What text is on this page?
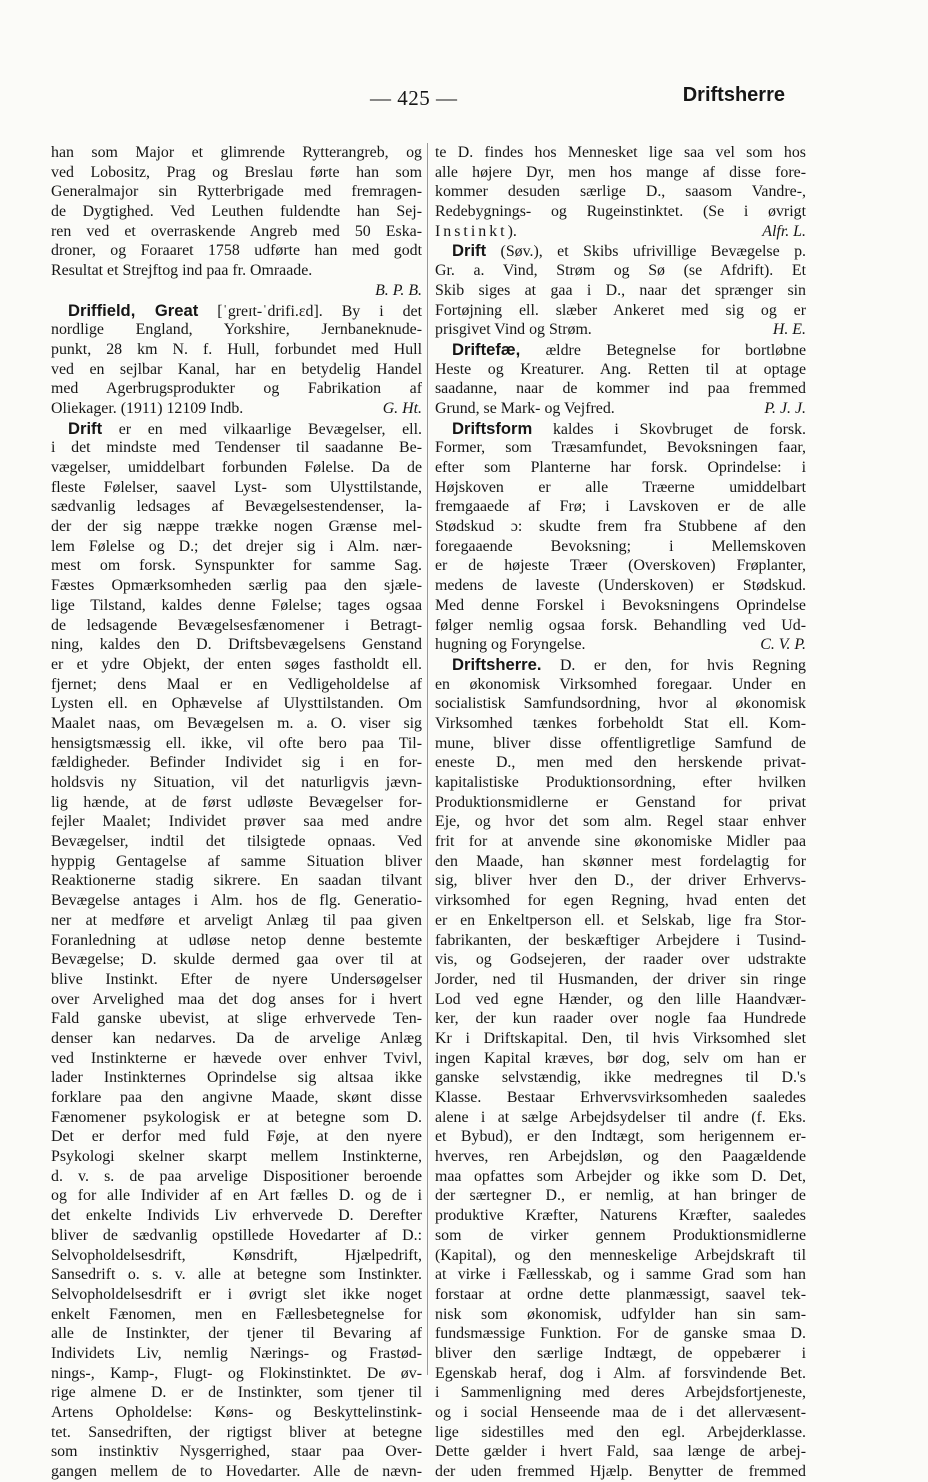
— 425 —	Driftsherre
han som Major et glimrende Rytterangreb, og
ved Lobositz, Prag og Breslau førte han som
Generalmajor sin Rytterbrigade med fremragen-
de Dygtighed. Ved Leuthen fuldendte han Sej-
ren ved et overraskende Angreb med 50 Eska-
droner, og Foraaret 1758 udførte han med godt
Resultat et Strejftog ind paa fr. Omraade.
B. P. B.
Driffield, Great [ˈgreɪt-ˈdrifi.ɛd]. By i det
nordlige England, Yorkshire, Jernbaneknude-
punkt, 28 km N. f. Hull, forbundet med Hull
ved en sejlbar Kanal, har en betydelig Handel
med Agerbrugsprodukter og Fabrikation af
G. Ht.
Oliekager. (1911) 12109 Indb.
Drift er en med vilkaarlige Bevægelser, ell.
i det mindste med Tendenser til saadanne Be-
vægelser, umiddelbart forbunden Følelse. Da de
fleste Følelser, saavel Lyst- som Ulysttilstande,
sædvanlig ledsages af Bevægelsestendenser, la-
der der sig næppe trække nogen Grænse mel-
lem Følelse og D.; det drejer sig i Alm. nær-
mest om forsk. Synspunkter for samme Sag.
Fæstes Opmærksomheden særlig paa den sjæle-
lige Tilstand, kaldes denne Følelse; tages ogsaa
de ledsagende Bevægelsesfænomener i Betragt-
ning, kaldes den D. Driftsbevægelsens Genstand
er et ydre Objekt, der enten søges fastholdt ell.
fjernet; dens Maal er en Vedligeholdelse af
Lysten ell. en Ophævelse af Ulysttilstanden. Om
Maalet naas, om Bevægelsen m. a. O. viser sig
hensigtsmæssig ell. ikke, vil ofte bero paa Til-
fældigheder. Befinder Individet sig i en for-
holdsvis ny Situation, vil det naturligvis jævn-
lig hænde, at de først udløste Bevægelser for-
fejler Maalet; Individet prøver saa med andre
Bevægelser, indtil det tilsigtede opnaas. Ved
hyppig Gentagelse af samme Situation bliver
Reaktionerne stadig sikrere. En saadan tilvant
Bevægelse antages i Alm. hos de flg. Generatio-
ner at medføre et arveligt Anlæg til paa given
Foranledning at udløse netop denne bestemte
Bevægelse; D. skulde dermed gaa over til at
blive Instinkt. Efter de nyere Undersøgelser
over Arvelighed maa det dog anses for i hvert
Fald ganske ubevist, at slige erhvervede Ten-
denser kan nedarves. Da de arvelige Anlæg
ved Instinkterne er hævede over enhver Tvivl,
lader Instinkternes Oprindelse sig altsaa ikke
forklare paa den angivne Maade, skønt disse
Fænomener psykologisk er at betegne som D.
Det er derfor med fuld Føje, at den nyere
Psykologi skelner skarpt mellem Instinkterne,
d. v. s. de paa arvelige Dispositioner beroende
og for alle Individer af en Art fælles D. og de i
det enkelte Individs Liv erhvervede D. Derefter
bliver de sædvanlig opstillede Hovedarter af D.:
Selvopholdelsesdrift, Kønsdrift, Hjælpedrift,
Sansedrift o. s. v. alle at betegne som Instinkter.
Selvopholdelsesdrift er i øvrigt slet ikke noget
enkelt Fænomen, men en Fællesbetegnelse for
alle de Instinkter, der tjener til Bevaring af
Individets Liv, nemlig Nærings- og Frastød-
nings-, Kamp-, Flugt- og Flokinstinktet. De øv-
rige almene D. er de Instinkter, som tjener til
Artens Opholdelse: Køns- og Beskyttelinstink-
tet. Sansedriften, der rigtigst bliver at betegne
som instinktiv Nysgerrighed, staar paa Over-
gangen mellem de to Hovedarter. Alle de nævn-
te D. findes hos Mennesket lige saa vel som hos
alle højere Dyr, men hos mange af disse fore-
kommer desuden særlige D., saasom Vandre-,
Redebygnings- og Rugeinstinktet. (Se i øvrigt
Alfr. L.
Instinkt).
Drift (Søv.), et Skibs ufrivillige Bevægelse p.
Gr. a. Vind, Strøm og Sø (se Afdrift). Et
Skib siges at gaa i D., naar det sprænger sin
Fortøjning ell. slæber Ankeret med sig og er
H. E.
prisgivet Vind og Strøm.
Driftefæ, ældre Betegnelse for bortløbne
Heste og Kreaturer. Ang. Retten til at optage
saadanne, naar de kommer ind paa fremmed
P. J. J.
Grund, se Mark- og Vejfred.
Driftsform kaldes i Skovbruget de forsk.
Former, som Træsamfundet, Bevoksningen faar,
efter som Planterne har forsk. Oprindelse: i
Højskoven er alle Træerne umiddelbart
fremgaaede af Frø; i Lavskoven er de alle
Stødskud ɔ: skudte frem fra Stubbene af den
foregaaende Bevoksning; i Mellemskoven
er de højeste Træer (Overskoven) Frøplanter,
medens de laveste (Underskoven) er Stødskud.
Med denne Forskel i Bevoksningens Oprindelse
følger nemlig ogsaa forsk. Behandling ved Ud-
C. V. P.
hugning og Foryngelse.
Driftsherre. D. er den, for hvis Regning
en økonomisk Virksomhed foregaar. Under en
socialistisk Samfundsordning, hvor al økonomisk
Virksomhed tænkes forbeholdt Stat ell. Kom-
mune, bliver disse offentligretlige Samfund de
eneste D., men med den herskende privat-
kapitalistiske Produktionsordning, efter hvilken
Produktionsmidlerne er Genstand for privat
Eje, og hvor det som alm. Regel staar enhver
frit for at anvende sine økonomiske Midler paa
den Maade, han skønner mest fordelagtig for
sig, bliver hver den D., der driver Erhvervs-
virksomhed for egen Regning, hvad enten det
er en Enkeltperson ell. et Selskab, lige fra Stor-
fabrikanten, der beskæftiger Arbejdere i Tusind-
vis, og Godsejeren, der raader over udstrakte
Jorder, ned til Husmanden, der driver sin ringe
Lod ved egne Hænder, og den lille Haandvær-
ker, der kun raader over nogle faa Hundrede
Kr i Driftskapital. Den, til hvis Virksomhed slet
ingen Kapital kræves, bør dog, selv om han er
ganske selvstændig, ikke medregnes til D.'s
Klasse. Bestaar Erhvervsvirksomheden saaledes
alene i at sælge Arbejdsydelser til andre (f. Eks.
et Bybud), er den Indtægt, som herigennem er-
hverves, ren Arbejdsløn, og den Paagældende
maa opfattes som Arbejder og ikke som D. Det,
der særtegner D., er nemlig, at han bringer de
produktive Kræfter, Naturens Kræfter, saaledes
som de virker gennem Produktionsmidlerne
(Kapital), og den menneskelige Arbejdskraft til
at virke i Fællesskab, og i samme Grad som han
forstaar at ordne dette planmæssigt, saavel tek-
nisk som økonomisk, udfylder han sin sam-
fundsmæssige Funktion. For de ganske smaa D.
bliver den særlige Indtægt, de oppebærer i
Egenskab heraf, dog i Alm. af forsvindende Bet.
i Sammenligning med deres Arbejdsfortjeneste,
og i social Henseende maa de i det allervæsent-
lige sidestilles med den egl. Arbejderklasse.
Dette gælder i hvert Fald, saa længe de arbej-
der uden fremmed Hjælp. Benytter de fremmed
